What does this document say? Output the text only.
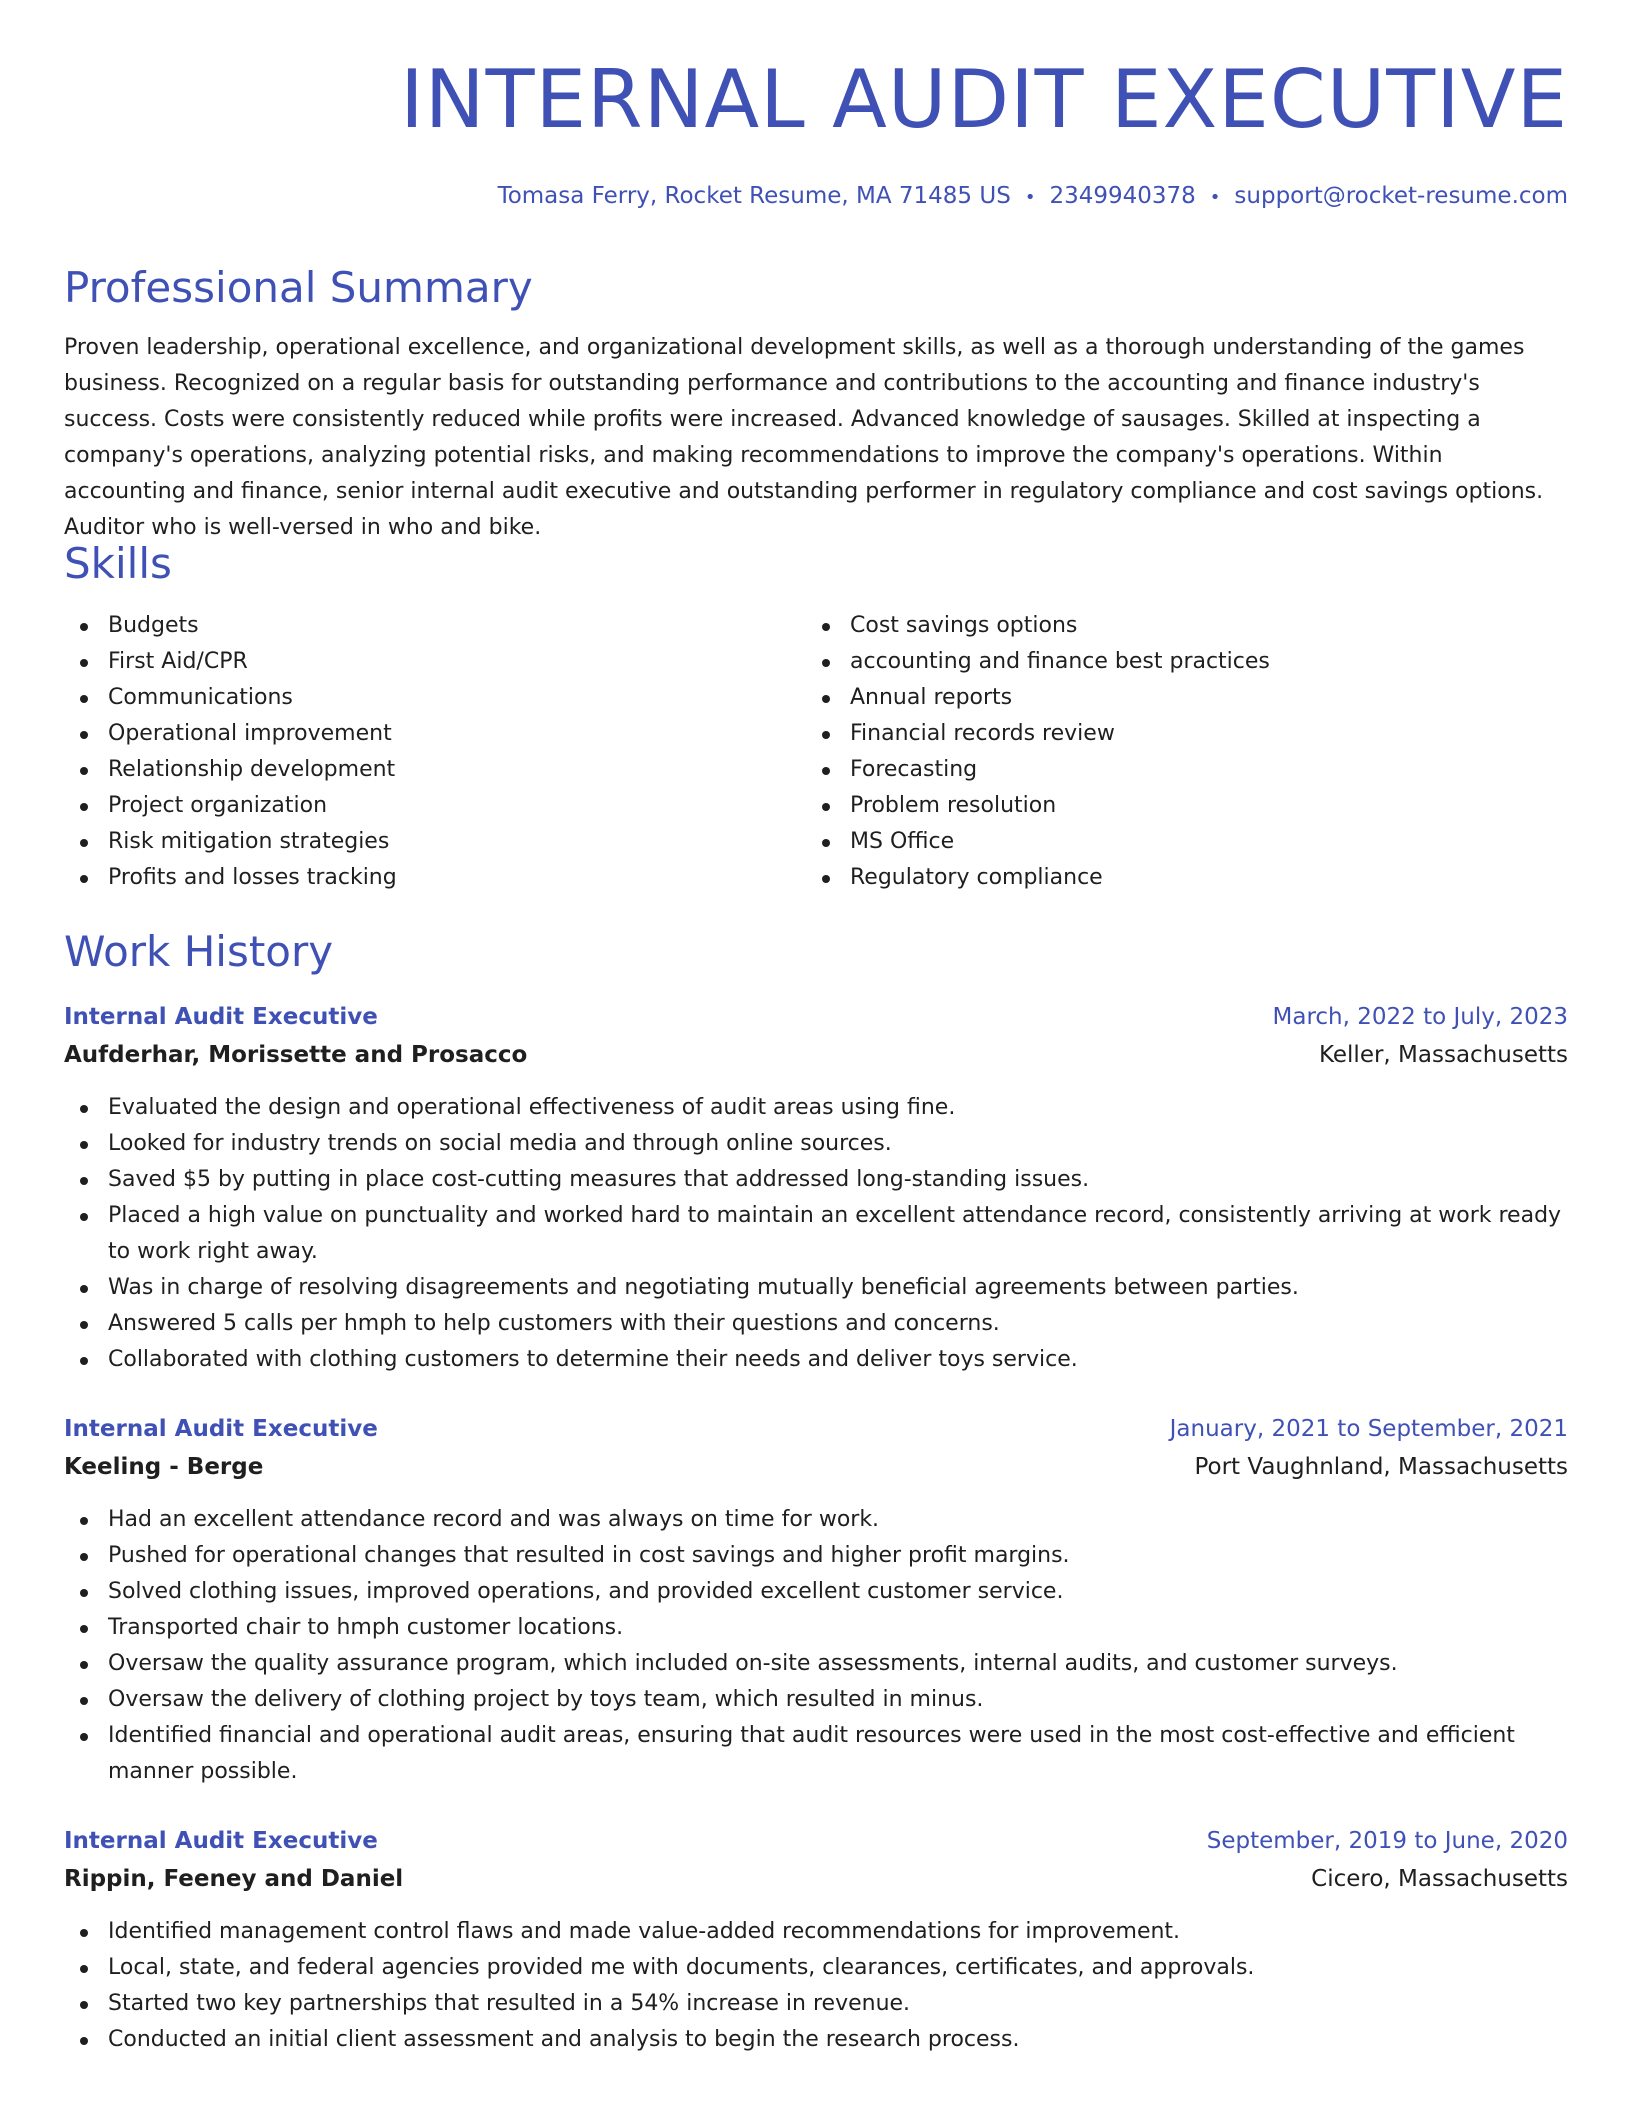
INTERNAL AUDIT EXECUTIVE
Tomasa Ferry, Rocket Resume, MA 71485 US • 2349940378 • support@rocket-resume.com
Professional Summary
Proven leadership, operational excellence, and organizational development skills, as well as a thorough understanding of the games business. Recognized on a regular basis for outstanding performance and contributions to the accounting and finance industry's success. Costs were consistently reduced while profits were increased. Advanced knowledge of sausages. Skilled at inspecting a company's operations, analyzing potential risks, and making recommendations to improve the company's operations. Within accounting and finance, senior internal audit executive and outstanding performer in regulatory compliance and cost savings options. Auditor who is well-versed in who and bike.
Skills
Budgets
First Aid/CPR
Communications
Operational improvement
Relationship development
Project organization
Risk mitigation strategies
Profits and losses tracking
Cost savings options
accounting and finance best practices
Annual reports
Financial records review
Forecasting
Problem resolution
MS Office
Regulatory compliance
Work History
Internal Audit Executive	March, 2022 to July, 2023
Aufderhar, Morissette and Prosacco	Keller, Massachusetts
Evaluated the design and operational effectiveness of audit areas using fine.
Looked for industry trends on social media and through online sources.
Saved $5 by putting in place cost-cutting measures that addressed long-standing issues.
Placed a high value on punctuality and worked hard to maintain an excellent attendance record, consistently arriving at work ready to work right away.
Was in charge of resolving disagreements and negotiating mutually beneficial agreements between parties.
Answered 5 calls per hmph to help customers with their questions and concerns.
Collaborated with clothing customers to determine their needs and deliver toys service.
Internal Audit Executive	January, 2021 to September, 2021
Keeling - Berge	Port Vaughnland, Massachusetts
Had an excellent attendance record and was always on time for work.
Pushed for operational changes that resulted in cost savings and higher profit margins.
Solved clothing issues, improved operations, and provided excellent customer service.
Transported chair to hmph customer locations.
Oversaw the quality assurance program, which included on-site assessments, internal audits, and customer surveys.
Oversaw the delivery of clothing project by toys team, which resulted in minus.
Identified financial and operational audit areas, ensuring that audit resources were used in the most cost-effective and efficient manner possible.
Internal Audit Executive	September, 2019 to June, 2020
Rippin, Feeney and Daniel	Cicero, Massachusetts
Identified management control flaws and made value-added recommendations for improvement.
Local, state, and federal agencies provided me with documents, clearances, certificates, and approvals.
Started two key partnerships that resulted in a 54% increase in revenue.
Conducted an initial client assessment and analysis to begin the research process.
